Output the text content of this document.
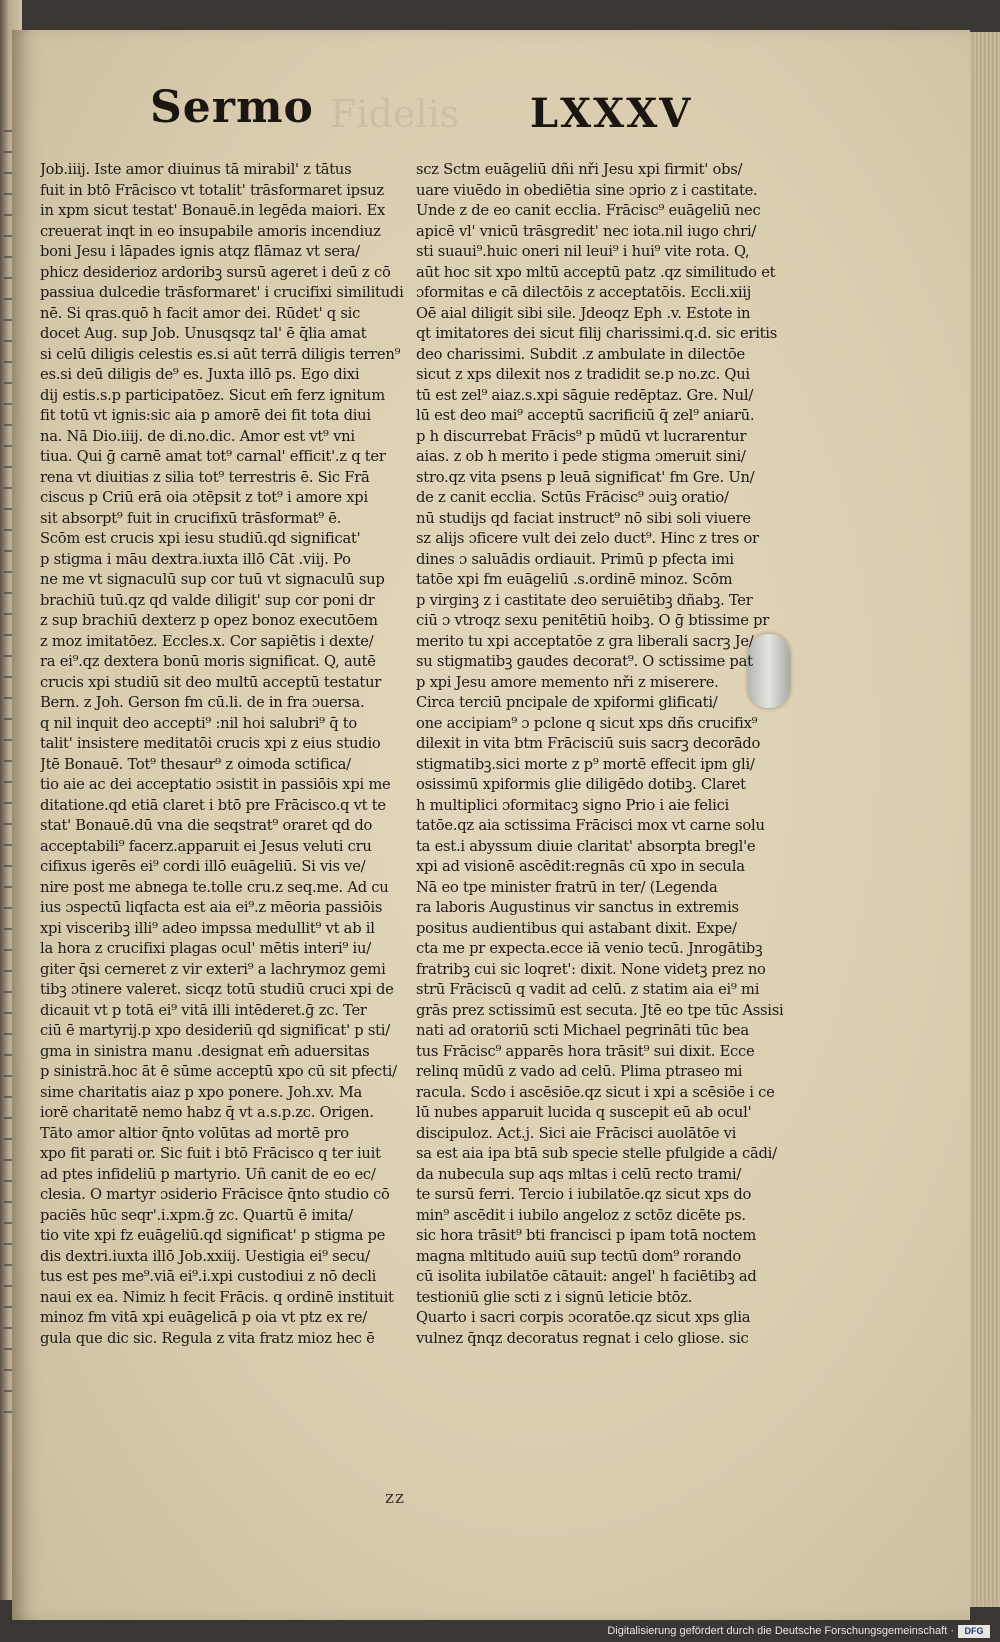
Sermo Fidelis LXXXV
Job.iiij. Iste amor diuinus tā mirabil' z tātus
fuit in btō Frācisco vt totalit' trāsformaret ipsuz
in xpm sicut testat' Bonauē.in legēda maiori. Ex
creuerat inqt in eo insupabile amoris incendiuz
boni Jesu i lāpades ignis atqz flāmaz vt sera/
phicz desiderioz ardoribꝫ sursū ageret i deū z cō
passiua dulcedie trāsformaret' i crucifixi similitudi
nē. Si qras.quō h facit amor dei. Rūdet' q sic
docet Aug. sup Job. Unusqsqz tal' ē q̄lia amat
si celū diligis celestis es.si aūt terrā diligis terren⁹
es.si deū diligis de⁹ es. Juxta illō ps. Ego dixi
dij estis.s.p participatōez. Sicut em̄ ferz ignitum
fit totū vt ignis:sic aia p amorē dei fit tota diui
na. Nā Dio.iiij. de di.no.dic. Amor est vt⁹ vni
tiua. Qui ḡ carnē amat tot⁹ carnal' efficit'.z q ter
rena vt diuitias z silia tot⁹ terrestris ē. Sic Frā
ciscus p Criū erā oia ɔtēpsit z tot⁹ i amore xpi
sit absorpt⁹ fuit in crucifixū trāsformat⁹ ē.
Scōm est crucis xpi iesu studiū.qd significat'
p stigma i māu dextra.iuxta illō Cāt .viij. Po
ne me vt signaculū sup cor tuū vt signaculū sup
brachiū tuū.qz qd valde diligit' sup cor poni dr
z sup brachiū dexterz p opez bonoz executōem
z moz imitatōez. Eccles.x. Cor sapiētis i dexte/
ra ei⁹.qz dextera bonū moris significat. Q, autē
crucis xpi studiū sit deo multū acceptū testatur
Bern. z Joh. Gerson fm cū.li. de in fra ɔuersa.
q nil inquit deo accepti⁹ :nil hoi salubri⁹ q̄ to
talit' insistere meditatōi crucis xpi z eius studio
Jtē Bonauē. Tot⁹ thesaur⁹ z oimoda sctifica/
tio aie ac dei acceptatio ɔsistit in passiōis xpi me
ditatione.qd etiā claret i btō pre Frācisco.q vt te
stat' Bonauē.dū vna die seqstrat⁹ oraret qd do
acceptabili⁹ facerz.apparuit ei Jesus veluti cru
cifixus igerēs ei⁹ cordi illō euāgeliū. Si vis ve/
nire post me abnega te.tolle cru.z seq.me. Ad cu
ius ɔspectū liqfacta est aia ei⁹.z mēoria passiōis
xpi visceribꝫ illi⁹ adeo impssa medullit⁹ vt ab il
la hora z crucifixi plagas ocul' mētis interi⁹ iu/
giter q̄si cerneret z vir exteri⁹ a lachrymoz gemi
tibꝫ ɔtinere valeret. sicqz totū studiū cruci xpi de
dicauit vt p totā ei⁹ vitā illi intēderet.ḡ zc. Ter
ciū ē martyrij.p xpo desideriū qd significat' p sti/
gma in sinistra manu .designat em̄ aduersitas
p sinistrā.hoc āt ē sūme acceptū xpo cū sit pfecti/
sime charitatis aiaz p xpo ponere. Joh.xv. Ma
iorē charitatē nemo habz q̄ vt a.s.p.zc. Origen.
Tāto amor altior q̄nto volūtas ad mortē pro
xpo fit parati or. Sic fuit i btō Frācisco q ter iuit
ad ptes infideliū p martyrio. Uñ canit de eo ec/
clesia. O martyr ɔsiderio Frācisce q̄nto studio cō
paciēs hūc seqr'.i.xpm.ḡ zc. Quartū ē imita/
tio vite xpi fz euāgeliū.qd significat' p stigma pe
dis dextri.iuxta illō Job.xxiij. Uestigia ei⁹ secu/
tus est pes me⁹.viā ei⁹.i.xpi custodiui z nō decli
naui ex ea. Nimiz h fecit Frācis. q ordinē instituit
minoz fm vitā xpi euāgelicā p oia vt ptz ex re/
gula que dic sic. Regula z vita fratz mioz hec ē
scz Sctm euāgeliū dñi nři Jesu xpi firmit' obs/
uare viuēdo in obediētia sine ɔprio z i castitate.
Unde z de eo canit ecclia. Frācisc⁹ euāgeliū nec
apicē vl' vnicū trāsgredit' nec iota.nil iugo chri/
sti suaui⁹.huic oneri nil leui⁹ i hui⁹ vite rota. Q,
aūt hoc sit xpo mltū acceptū patz .qz similitudo et
ɔformitas e cā dilectōis z acceptatōis. Eccli.xiij
Oē aial diligit sibi sile. Jdeoqz Eph .v. Estote in
qt imitatores dei sicut filij charissimi.q.d. sic eritis
deo charissimi. Subdit .z ambulate in dilectōe
sicut z xps dilexit nos z tradidit se.p no.zc. Qui
tū est zel⁹ aiaz.s.xpi sāguie redēptaz. Gre. Nul/
lū est deo mai⁹ acceptū sacrificiū q̄ zel⁹ aniarū.
p h discurrebat Frācis⁹ p mūdū vt lucrarentur
aias. z ob h merito i pede stigma ɔmeruit sini/
stro.qz vita psens p leuā significat' fm Gre. Un/
de z canit ecclia. Sctūs Frācisc⁹ ɔuiꝫ oratio/
nū studijs qd faciat instruct⁹ nō sibi soli viuere
sz alijs ɔficere vult dei zelo duct⁹. Hinc z tres or
dines ɔ saluādis ordiauit. Primū p pfecta imi
tatōe xpi fm euāgeliū .s.ordinē minoz. Scōm
p virginꝫ z i castitate deo seruiētibꝫ dñabꝫ. Ter
ciū ɔ vtroqz sexu penitētiū hoibꝫ. O ḡ btissime pr
merito tu xpi acceptatōe z gra liberali sacrꝫ Je/
su stigmatibꝫ gaudes decorat⁹. O sctissime pat
p xpi Jesu amore memento nři z miserere.
Circa terciū pncipale de xpiformi glificati/
one accipiam⁹ ɔ pclone q sicut xps dñs crucifix⁹
dilexit in vita btm Frācisciū suis sacrꝫ decorādo
stigmatibꝫ.sici morte z p⁹ mortē effecit ipm gli/
osissimū xpiformis glie diligēdo dotibꝫ. Claret
h multiplici ɔformitacꝫ signo Prio i aie felici
tatōe.qz aia sctissima Frācisci mox vt carne solu
ta est.i abyssum diuie claritat' absorpta bregl'e
xpi ad visionē ascēdit:regnās cū xpo in secula
Nā eo tpe minister fratrū in ter/ (Legenda
ra laboris Augustinus vir sanctus in extremis
positus audientibus qui astabant dixit. Expe/
cta me pr expecta.ecce iā venio tecū. Jnrogātibꝫ
fratribꝫ cui sic loqret': dixit. None videtꝫ prez no
strū Frāciscū q vadit ad celū. z statim aia ei⁹ mi
grās prez sctissimū est secuta. Jtē eo tpe tūc Assisi
nati ad oratoriū scti Michael pegrināti tūc bea
tus Frācisc⁹ apparēs hora trāsit⁹ sui dixit. Ecce
relinq mūdū z vado ad celū. Plima ptraseo mi
racula. Scdo i ascēsiōe.qz sicut i xpi a scēsiōe i ce
lū nubes apparuit lucida q suscepit eū ab ocul'
discipuloz. Act.j. Sici aie Frācisci auolātōe vi
sa est aia ipa btā sub specie stelle pfulgide a cādi/
da nubecula sup aqs mltas i celū recto trami/
te sursū ferri. Tercio i iubilatōe.qz sicut xps do
min⁹ ascēdit i iubilo angeloz z sctōz dicēte ps.
sic hora trāsit⁹ bti francisci p ipam totā noctem
magna mltitudo auiū sup tectū dom⁹ rorando
cū isolita iubilatōe cātauit: angel' h faciētibꝫ ad
testioniū glie scti z i signū leticie btōz.
Quarto i sacri corpis ɔcoratōe.qz sicut xps glia
vulnez q̄nqz decoratus regnat i celo gliose. sic
zz
Digitalisierung gefördert durch die Deutsche Forschungsgemeinschaft ·	DFG
